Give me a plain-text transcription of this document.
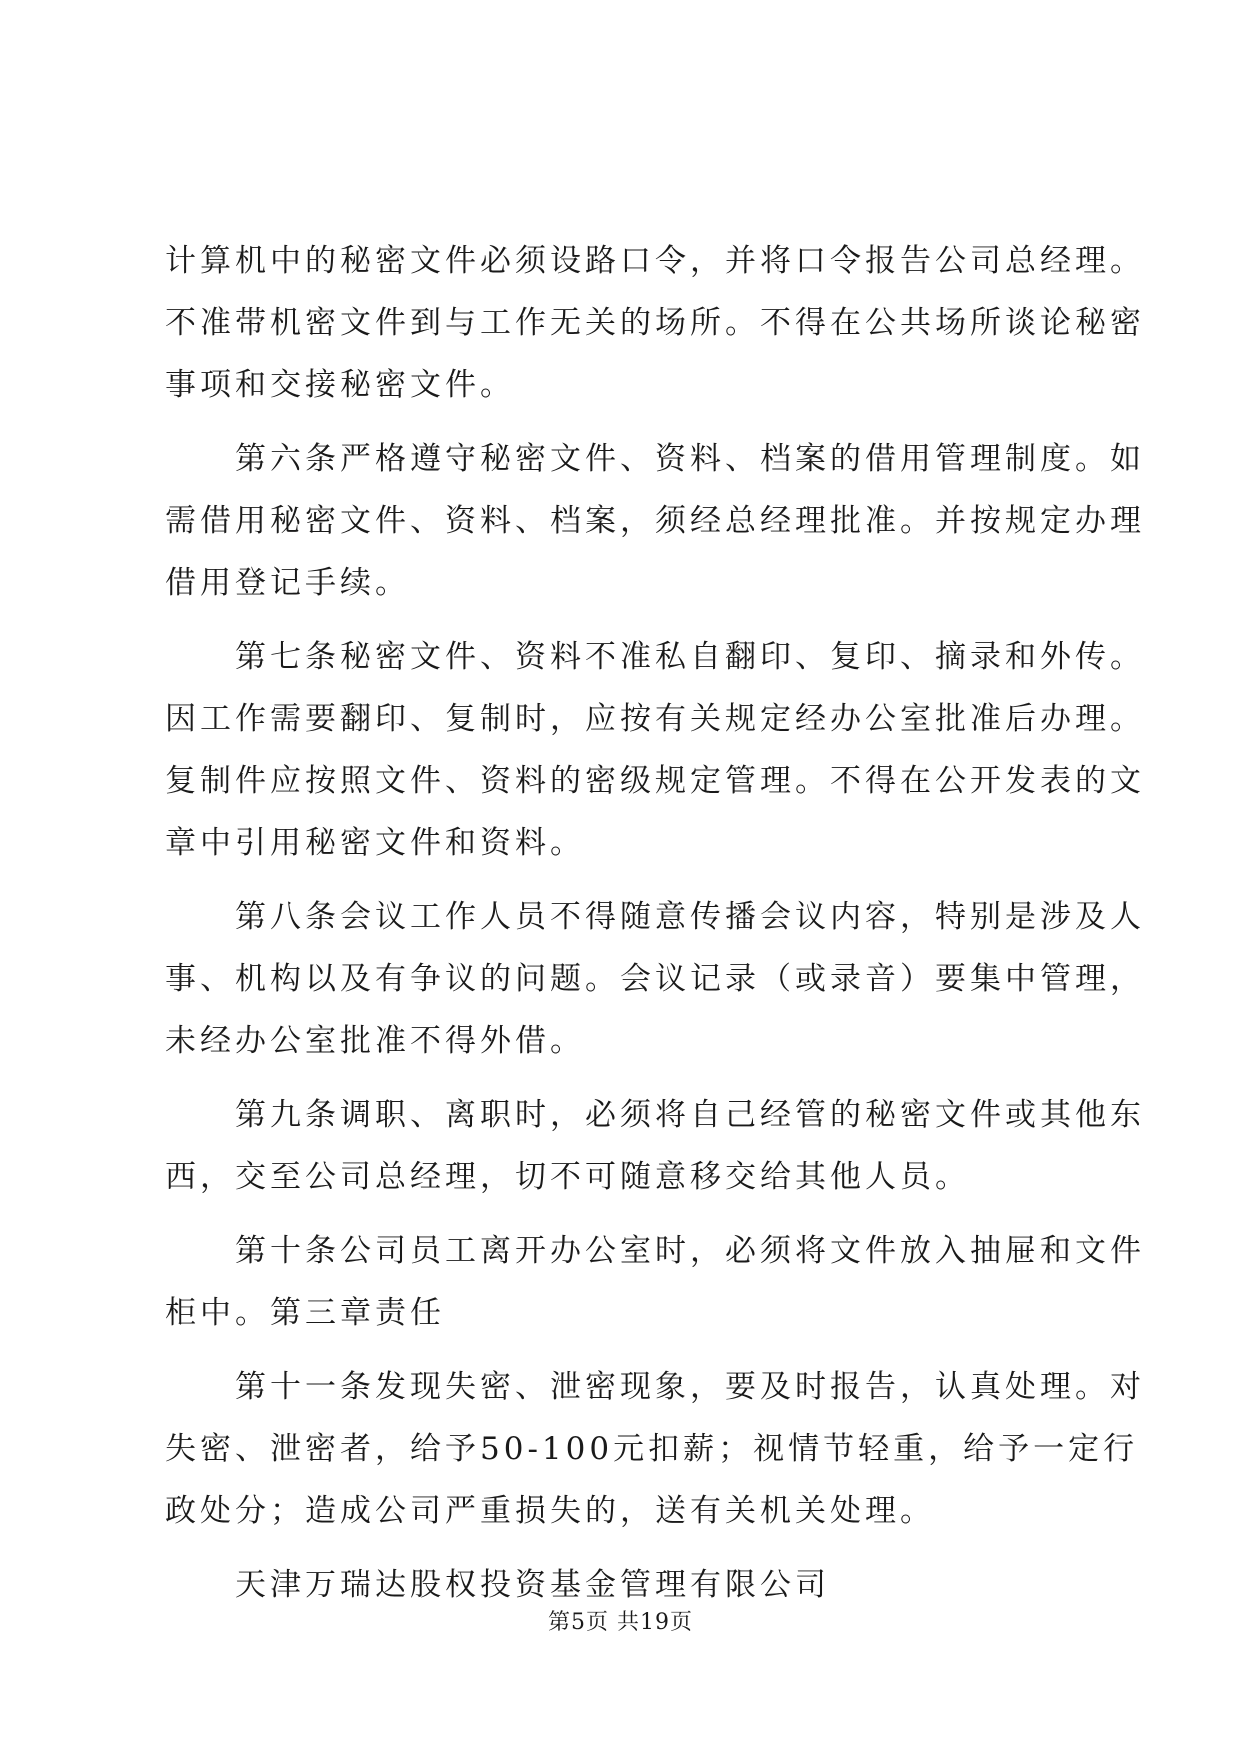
计算机中的秘密文件必须设路口令，并将口令报告公司总经理。
不准带机密文件到与工作无关的场所。不得在公共场所谈论秘密
事项和交接秘密文件。
　　第六条严格遵守秘密文件、资料、档案的借用管理制度。如
需借用秘密文件、资料、档案，须经总经理批准。并按规定办理
借用登记手续。
　　第七条秘密文件、资料不准私自翻印、复印、摘录和外传。
因工作需要翻印、复制时，应按有关规定经办公室批准后办理。
复制件应按照文件、资料的密级规定管理。不得在公开发表的文
章中引用秘密文件和资料。
　　第八条会议工作人员不得随意传播会议内容，特别是涉及人
事、机构以及有争议的问题。会议记录（或录音）要集中管理，
未经办公室批准不得外借。
　　第九条调职、离职时，必须将自己经管的秘密文件或其他东
西，交至公司总经理，切不可随意移交给其他人员。
　　第十条公司员工离开办公室时，必须将文件放入抽屉和文件
柜中。第三章责任
　　第十一条发现失密、泄密现象，要及时报告，认真处理。对
失密、泄密者，给予50-100元扣薪；视情节轻重，给予一定行
政处分；造成公司严重损失的，送有关机关处理。
　　天津万瑞达股权投资基金管理有限公司
第5页 共19页
